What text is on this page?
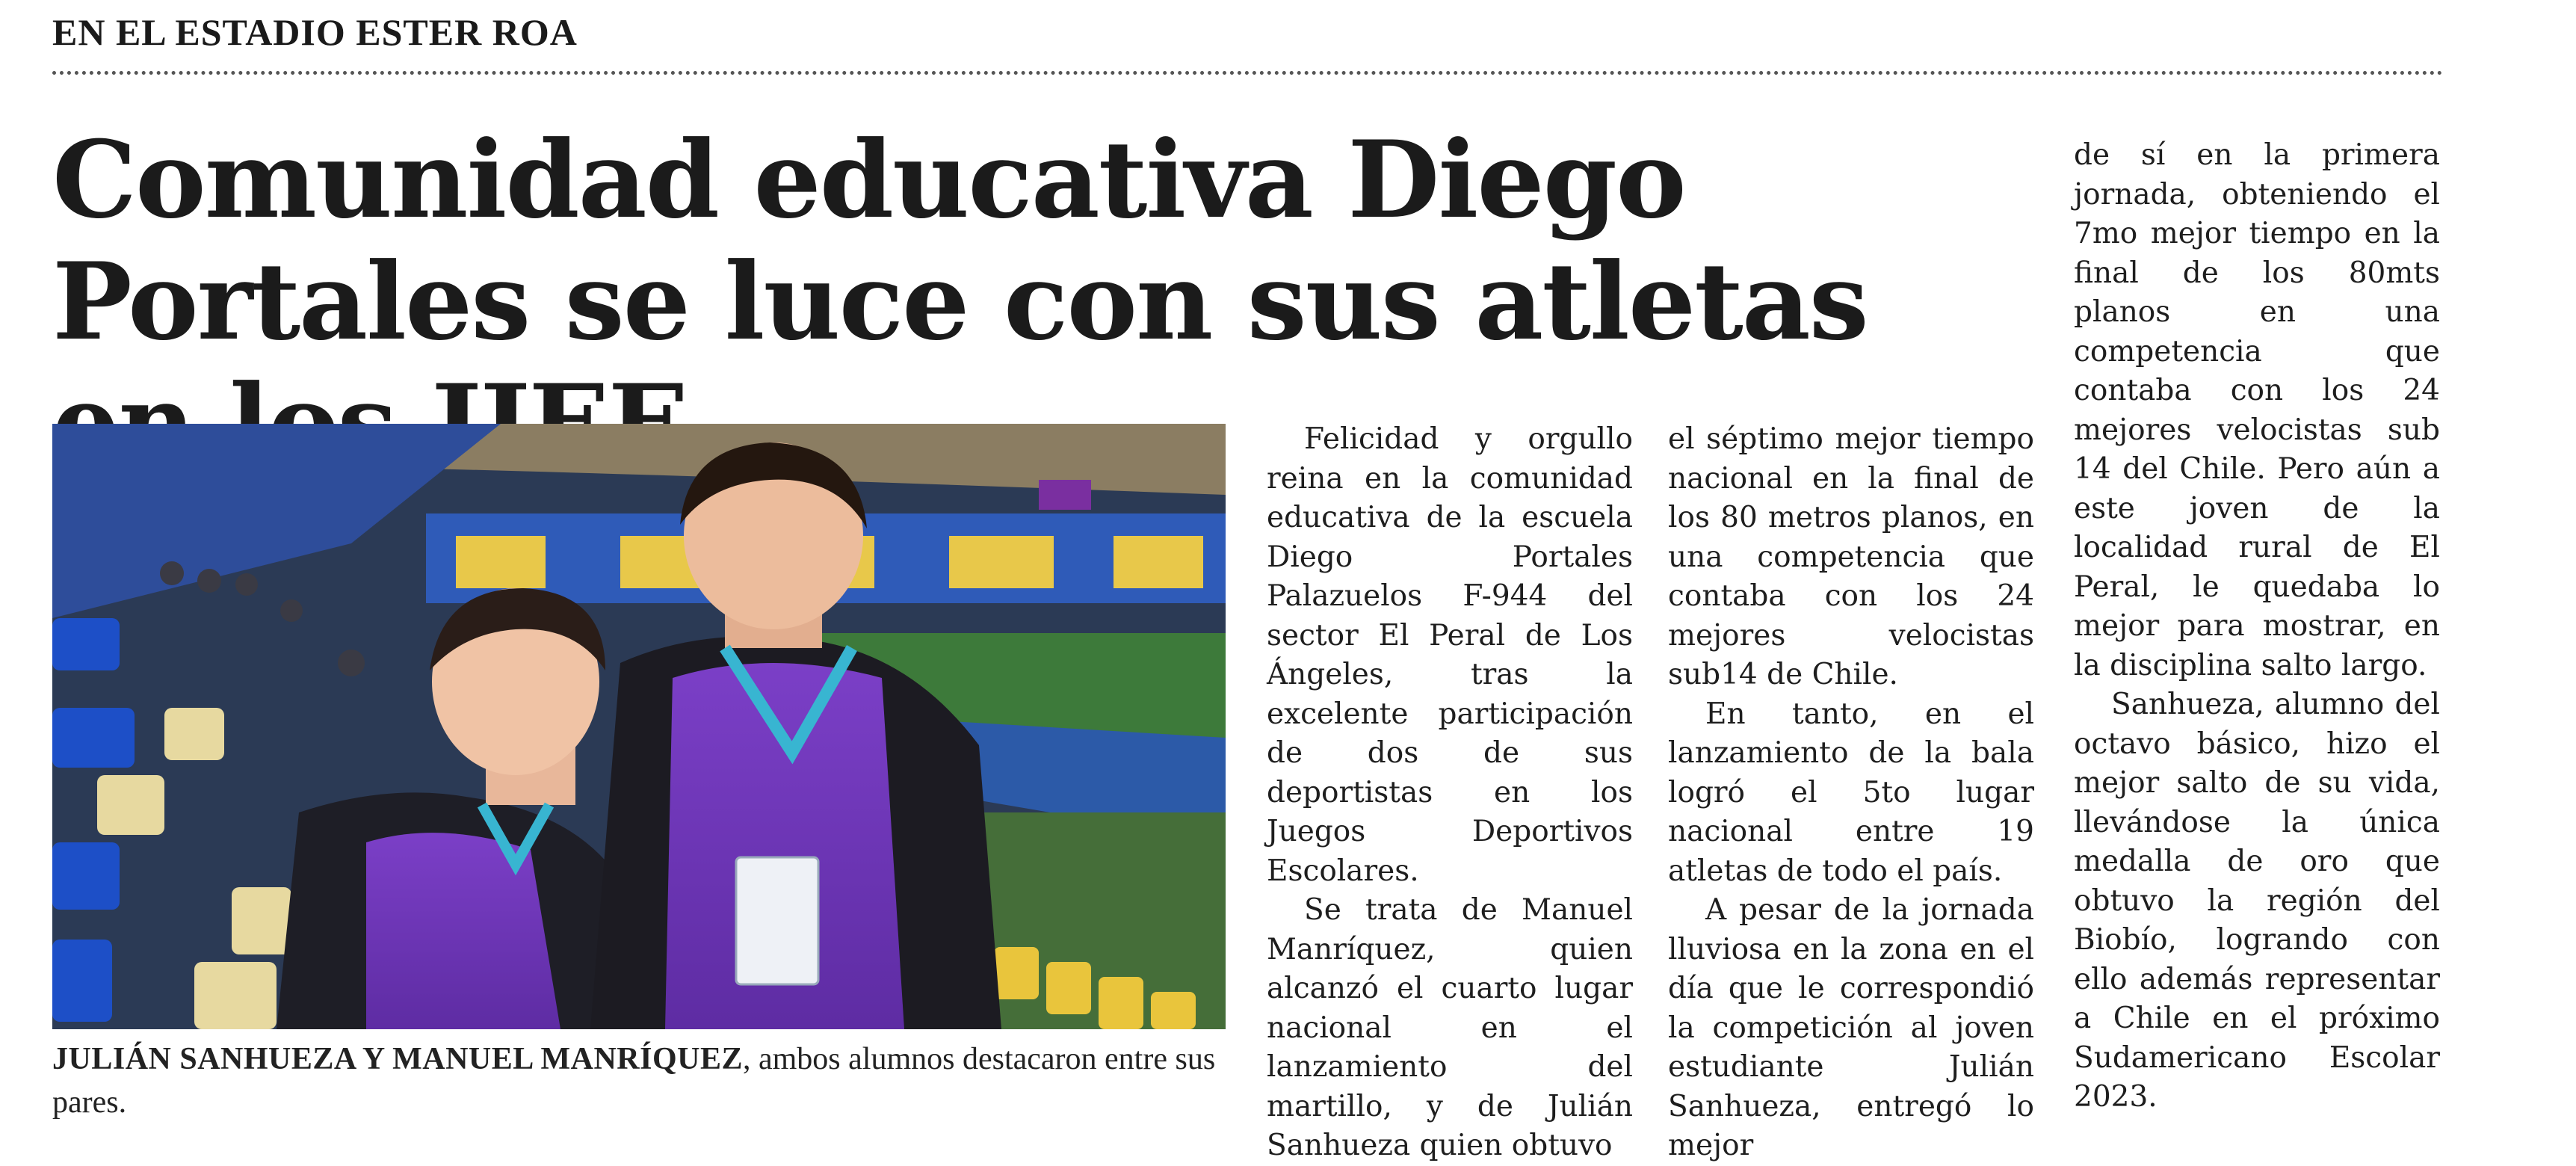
EN EL ESTADIO ESTER ROA
Comunidad educativa Diego Portales se luce con sus atletas
JULIÁN SANHUEZA Y MANUEL MANRÍQUEZ, ambos alumnos destacaron entre sus pares.

Felicidad y orgullo reina en la comunidad educativa de la escuela Diego Portales Palazuelos F-944 del sector El Peral de Los Ángeles, tras la excelente participación de dos de sus deportistas en los Juegos Deportivos Escolares.

Se trata de Manuel Manríquez, quien alcanzó el cuarto lugar nacional en el lanzamiento del martillo, y de Julián Sanhueza quien obtuvo

el séptimo mejor tiempo nacional en la final de los 80 metros planos, en una competencia que contaba con los 24 mejores velocistas sub14 de Chile.

En tanto, en el lanzamiento de la bala logró el 5to lugar nacional entre 19 atletas de todo el país.

A pesar de la jornada lluviosa en la zona en el día que le correspondió la competición al joven estudiante Julián Sanhueza, entregó lo mejor

de sí en la primera jornada, obteniendo el 7mo mejor tiempo en la final de los 80mts planos en una competencia que contaba con los 24 mejores velocistas sub 14 del Chile. Pero aún a este joven de la localidad rural de El Peral, le quedaba lo mejor para mostrar, en la disciplina salto largo.

Sanhueza, alumno del octavo básico, hizo el mejor salto de su vida, llevándose la única medalla de oro que obtuvo la región del Biobío, logrando con ello además representar a Chile en el próximo Sudamericano Escolar 2023.
